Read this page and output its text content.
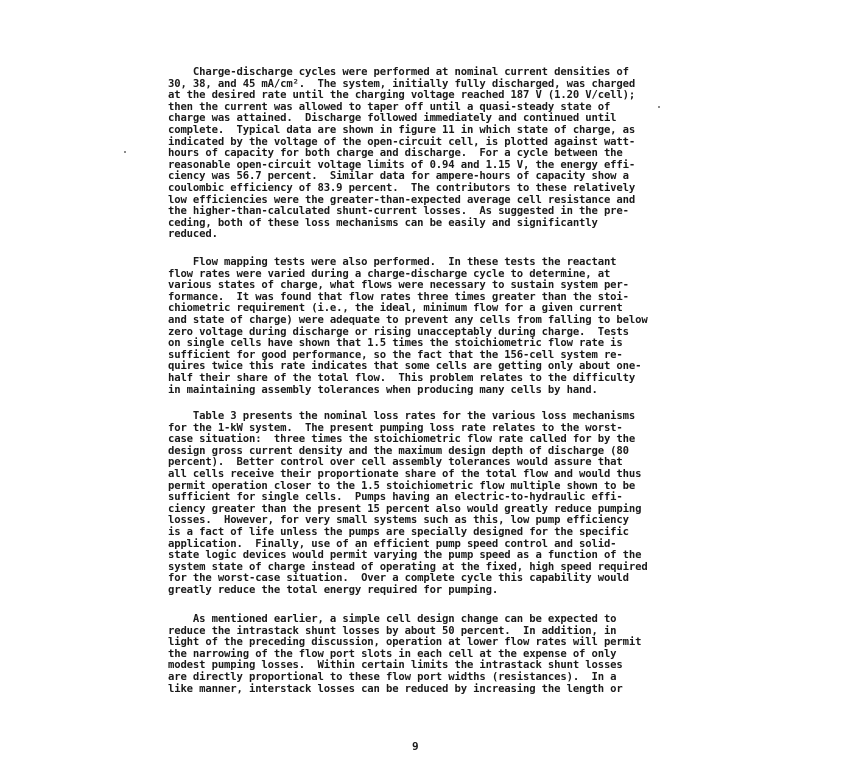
Charge-discharge cycles were performed at nominal current densities of
30, 38, and 45 mA/cm².  The system, initially fully discharged, was charged
at the desired rate until the charging voltage reached 187 V (1.20 V/cell);
then the current was allowed to taper off until a quasi-steady state of
charge was attained.  Discharge followed immediately and continued until
complete.  Typical data are shown in figure 11 in which state of charge, as
indicated by the voltage of the open-circuit cell, is plotted against watt-
hours of capacity for both charge and discharge.  For a cycle between the
reasonable open-circuit voltage limits of 0.94 and 1.15 V, the energy effi-
ciency was 56.7 percent.  Similar data for ampere-hours of capacity show a
coulombic efficiency of 83.9 percent.  The contributors to these relatively
low efficiencies were the greater-than-expected average cell resistance and
the higher-than-calculated shunt-current losses.  As suggested in the pre-
ceding, both of these loss mechanisms can be easily and significantly
reduced.

Flow mapping tests were also performed.  In these tests the reactant
flow rates were varied during a charge-discharge cycle to determine, at
various states of charge, what flows were necessary to sustain system per-
formance.  It was found that flow rates three times greater than the stoi-
chiometric requirement (i.e., the ideal, minimum flow for a given current
and state of charge) were adequate to prevent any cells from falling to below
zero voltage during discharge or rising unacceptably during charge.  Tests
on single cells have shown that 1.5 times the stoichiometric flow rate is
sufficient for good performance, so the fact that the 156-cell system re-
quires twice this rate indicates that some cells are getting only about one-
half their share of the total flow.  This problem relates to the difficulty
in maintaining assembly tolerances when producing many cells by hand.

Table 3 presents the nominal loss rates for the various loss mechanisms
for the 1-kW system.  The present pumping loss rate relates to the worst-
case situation:  three times the stoichiometric flow rate called for by the
design gross current density and the maximum design depth of discharge (80
percent).  Better control over cell assembly tolerances would assure that
all cells receive their proportionate share of the total flow and would thus
permit operation closer to the 1.5 stoichiometric flow multiple shown to be
sufficient for single cells.  Pumps having an electric-to-hydraulic effi-
ciency greater than the present 15 percent also would greatly reduce pumping
losses.  However, for very small systems such as this, low pump efficiency
is a fact of life unless the pumps are specially designed for the specific
application.  Finally, use of an efficient pump speed control and solid-
state logic devices would permit varying the pump speed as a function of the
system state of charge instead of operating at the fixed, high speed required
for the worst-case situation.  Over a complete cycle this capability would
greatly reduce the total energy required for pumping.

As mentioned earlier, a simple cell design change can be expected to
reduce the intrastack shunt losses by about 50 percent.  In addition, in
light of the preceding discussion, operation at lower flow rates will permit
the narrowing of the flow port slots in each cell at the expense of only
modest pumping losses.  Within certain limits the intrastack shunt losses
are directly proportional to these flow port widths (resistances).  In a
like manner, interstack losses can be reduced by increasing the length or

9
